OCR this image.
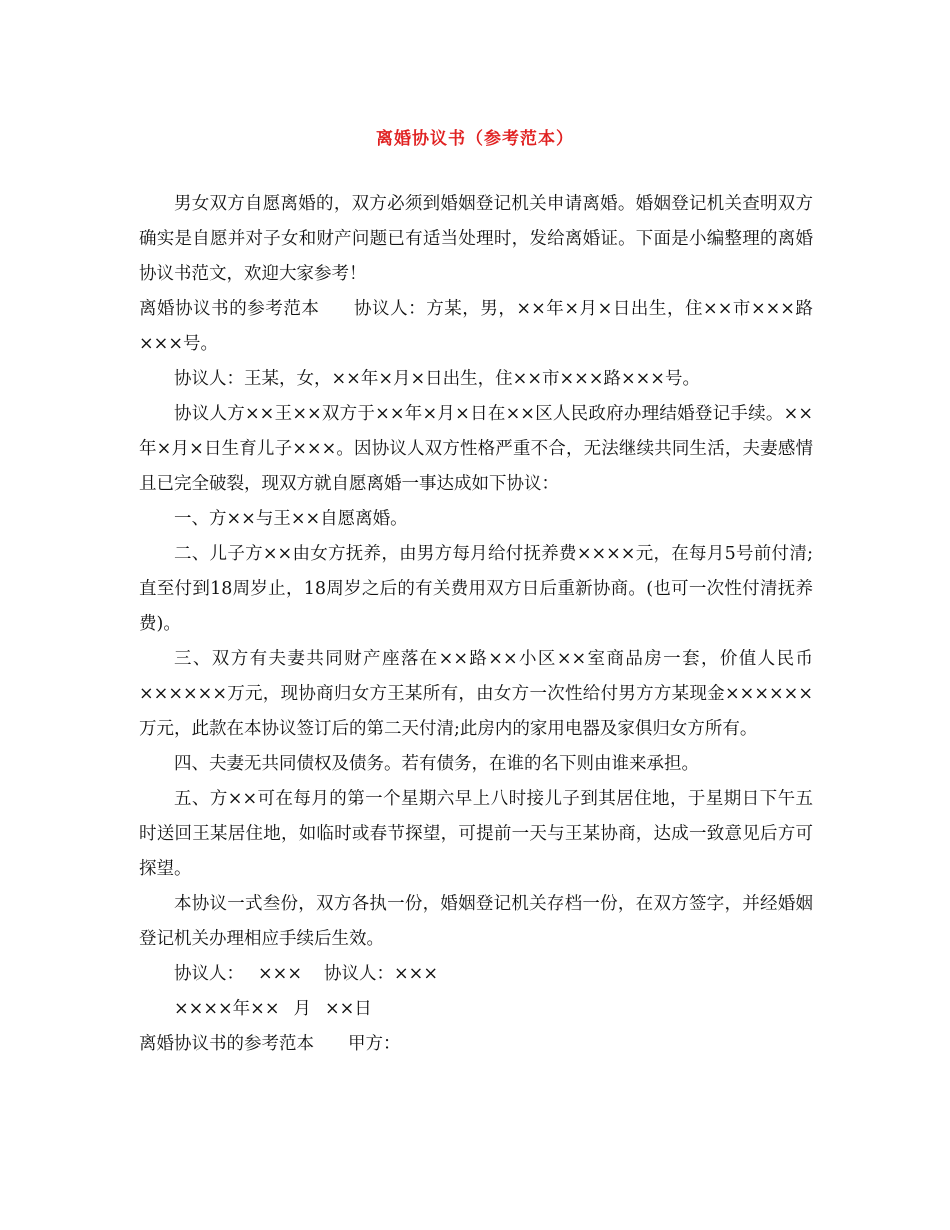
离婚协议书（参考范本）

男女双方自愿离婚的，双方必须到婚姻登记机关申请离婚。婚姻登记机关查明双方确实是自愿并对子女和财产问题已有适当处理时，发给离婚证。下面是小编整理的离婚协议书范文，欢迎大家参考！

离婚协议书的参考范本 协议人：方某，男，××年×月×日出生，住××市×××路×××号。

协议人：王某，女，××年×月×日出生，住××市×××路×××号。

协议人方××王××双方于××年×月×日在××区人民政府办理结婚登记手续。××年×月×日生育儿子×××。因协议人双方性格严重不合，无法继续共同生活，夫妻感情且已完全破裂，现双方就自愿离婚一事达成如下协议：

一、方××与王××自愿离婚。

二、儿子方××由女方抚养，由男方每月给付抚养费××××元，在每月5号前付清;直至付到18周岁止，18周岁之后的有关费用双方日后重新协商。(也可一次性付清抚养费)。

三、双方有夫妻共同财产座落在××路××小区××室商品房一套，价值人民币××××××万元，现协商归女方王某所有，由女方一次性给付男方方某现金××××××万元，此款在本协议签订后的第二天付清;此房内的家用电器及家俱归女方所有。

四、夫妻无共同债权及债务。若有债务，在谁的名下则由谁来承担。

五、方××可在每月的第一个星期六早上八时接儿子到其居住地，于星期日下午五时送回王某居住地，如临时或春节探望，可提前一天与王某协商，达成一致意见后方可探望。

本协议一式叁份，双方各执一份，婚姻登记机关存档一份，在双方签字，并经婚姻登记机关办理相应手续后生效。

协议人： ××× 协议人：×××

××××年×× 月 ××日

离婚协议书的参考范本 甲方：
